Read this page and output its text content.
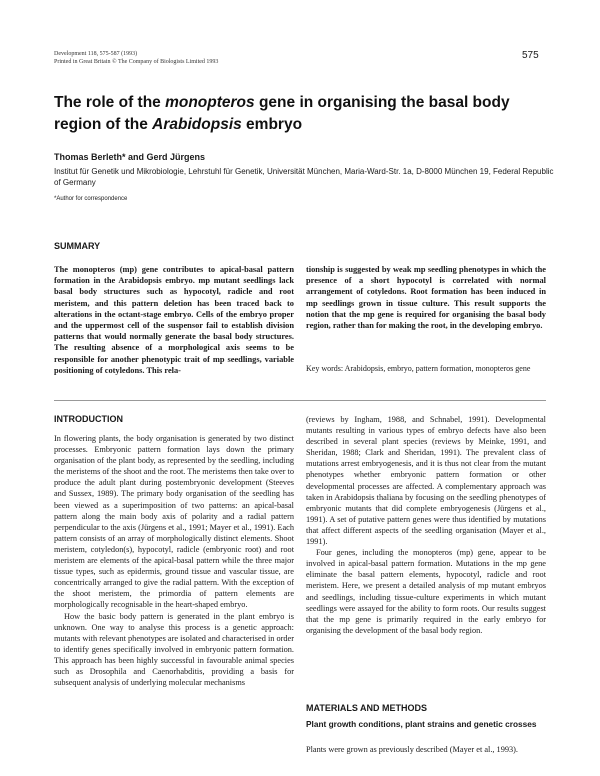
Development 118, 575-587 (1993)
Printed in Great Britain © The Company of Biologists Limited 1993
575
The role of the monopteros gene in organising the basal body region of the Arabidopsis embryo
Thomas Berleth* and Gerd Jürgens
Institut für Genetik und Mikrobiologie, Lehrstuhl für Genetik, Universität München, Maria-Ward-Str. 1a, D-8000 München 19, Federal Republic of Germany
*Author for correspondence
SUMMARY
The monopteros (mp) gene contributes to apical-basal pattern formation in the Arabidopsis embryo. mp mutant seedlings lack basal body structures such as hypocotyl, radicle and root meristem, and this pattern deletion has been traced back to alterations in the octant-stage embryo. Cells of the embryo proper and the uppermost cell of the suspensor fail to establish division patterns that would normally generate the basal body structures. The resulting absence of a morphological axis seems to be responsible for another phenotypic trait of mp seedlings, variable positioning of cotyledons. This rela-
tionship is suggested by weak mp seedling phenotypes in which the presence of a short hypocotyl is correlated with normal arrangement of cotyledons. Root formation has been induced in mp seedlings grown in tissue culture. This result supports the notion that the mp gene is required for organising the basal body region, rather than for making the root, in the developing embryo.
Key words: Arabidopsis, embryo, pattern formation, monopteros gene
INTRODUCTION

In flowering plants, the body organisation is generated by two distinct processes. Embryonic pattern formation lays down the primary organisation of the plant body, as represented by the seedling, including the meristems of the shoot and the root. The meristems then take over to produce the adult plant during postembryonic development (Steeves and Sussex, 1989). The primary body organisation of the seedling has been viewed as a superimposition of two patterns: an apical-basal pattern along the main body axis of polarity and a radial pattern perpendicular to the axis (Jürgens et al., 1991; Mayer et al., 1991). Each pattern consists of an array of morphologically distinct elements. Shoot meristem, cotyledon(s), hypocotyl, radicle (embryonic root) and root meristem are elements of the apical-basal pattern while the three major tissue types, such as epidermis, ground tissue and vascular tissue, are concentrically arranged to give the radial pattern. With the exception of the shoot meristem, the primordia of pattern elements are morphologically recognisable in the heart-shaped embryo.

How the basic body pattern is generated in the plant embryo is unknown. One way to analyse this process is a genetic approach: mutants with relevant phenotypes are isolated and characterised in order to identify genes specifically involved in embryonic pattern formation. This approach has been highly successful in favourable animal species such as Drosophila and Caenorhabditis, providing a basis for subsequent analysis of underlying molecular mechanisms

(reviews by Ingham, 1988, and Schnabel, 1991). Developmental mutants resulting in various types of embryo defects have also been described in several plant species (reviews by Meinke, 1991, and Sheridan, 1988; Clark and Sheridan, 1991). The prevalent class of mutations arrest embryogenesis, and it is thus not clear from the mutant phenotypes whether embryonic pattern formation or other developmental processes are affected. A complementary approach was taken in Arabidopsis thaliana by focusing on the seedling phenotypes of embryonic mutants that did complete embryogenesis (Jürgens et al., 1991). A set of putative pattern genes were thus identified by mutations that affect different aspects of the seedling organisation (Mayer et al., 1991).

Four genes, including the monopteros (mp) gene, appear to be involved in apical-basal pattern formation. Mutations in the mp gene eliminate the basal pattern elements, hypocotyl, radicle and root meristem. Here, we present a detailed analysis of mp mutant embryos and seedlings, including tissue-culture experiments in which mutant seedlings were assayed for the ability to form roots. Our results suggest that the mp gene is primarily required in the early embryo for organising the development of the basal body region.

MATERIALS AND METHODS
Plant growth conditions, plant strains and genetic crosses
Plants were grown as previously described (Mayer et al., 1993).
